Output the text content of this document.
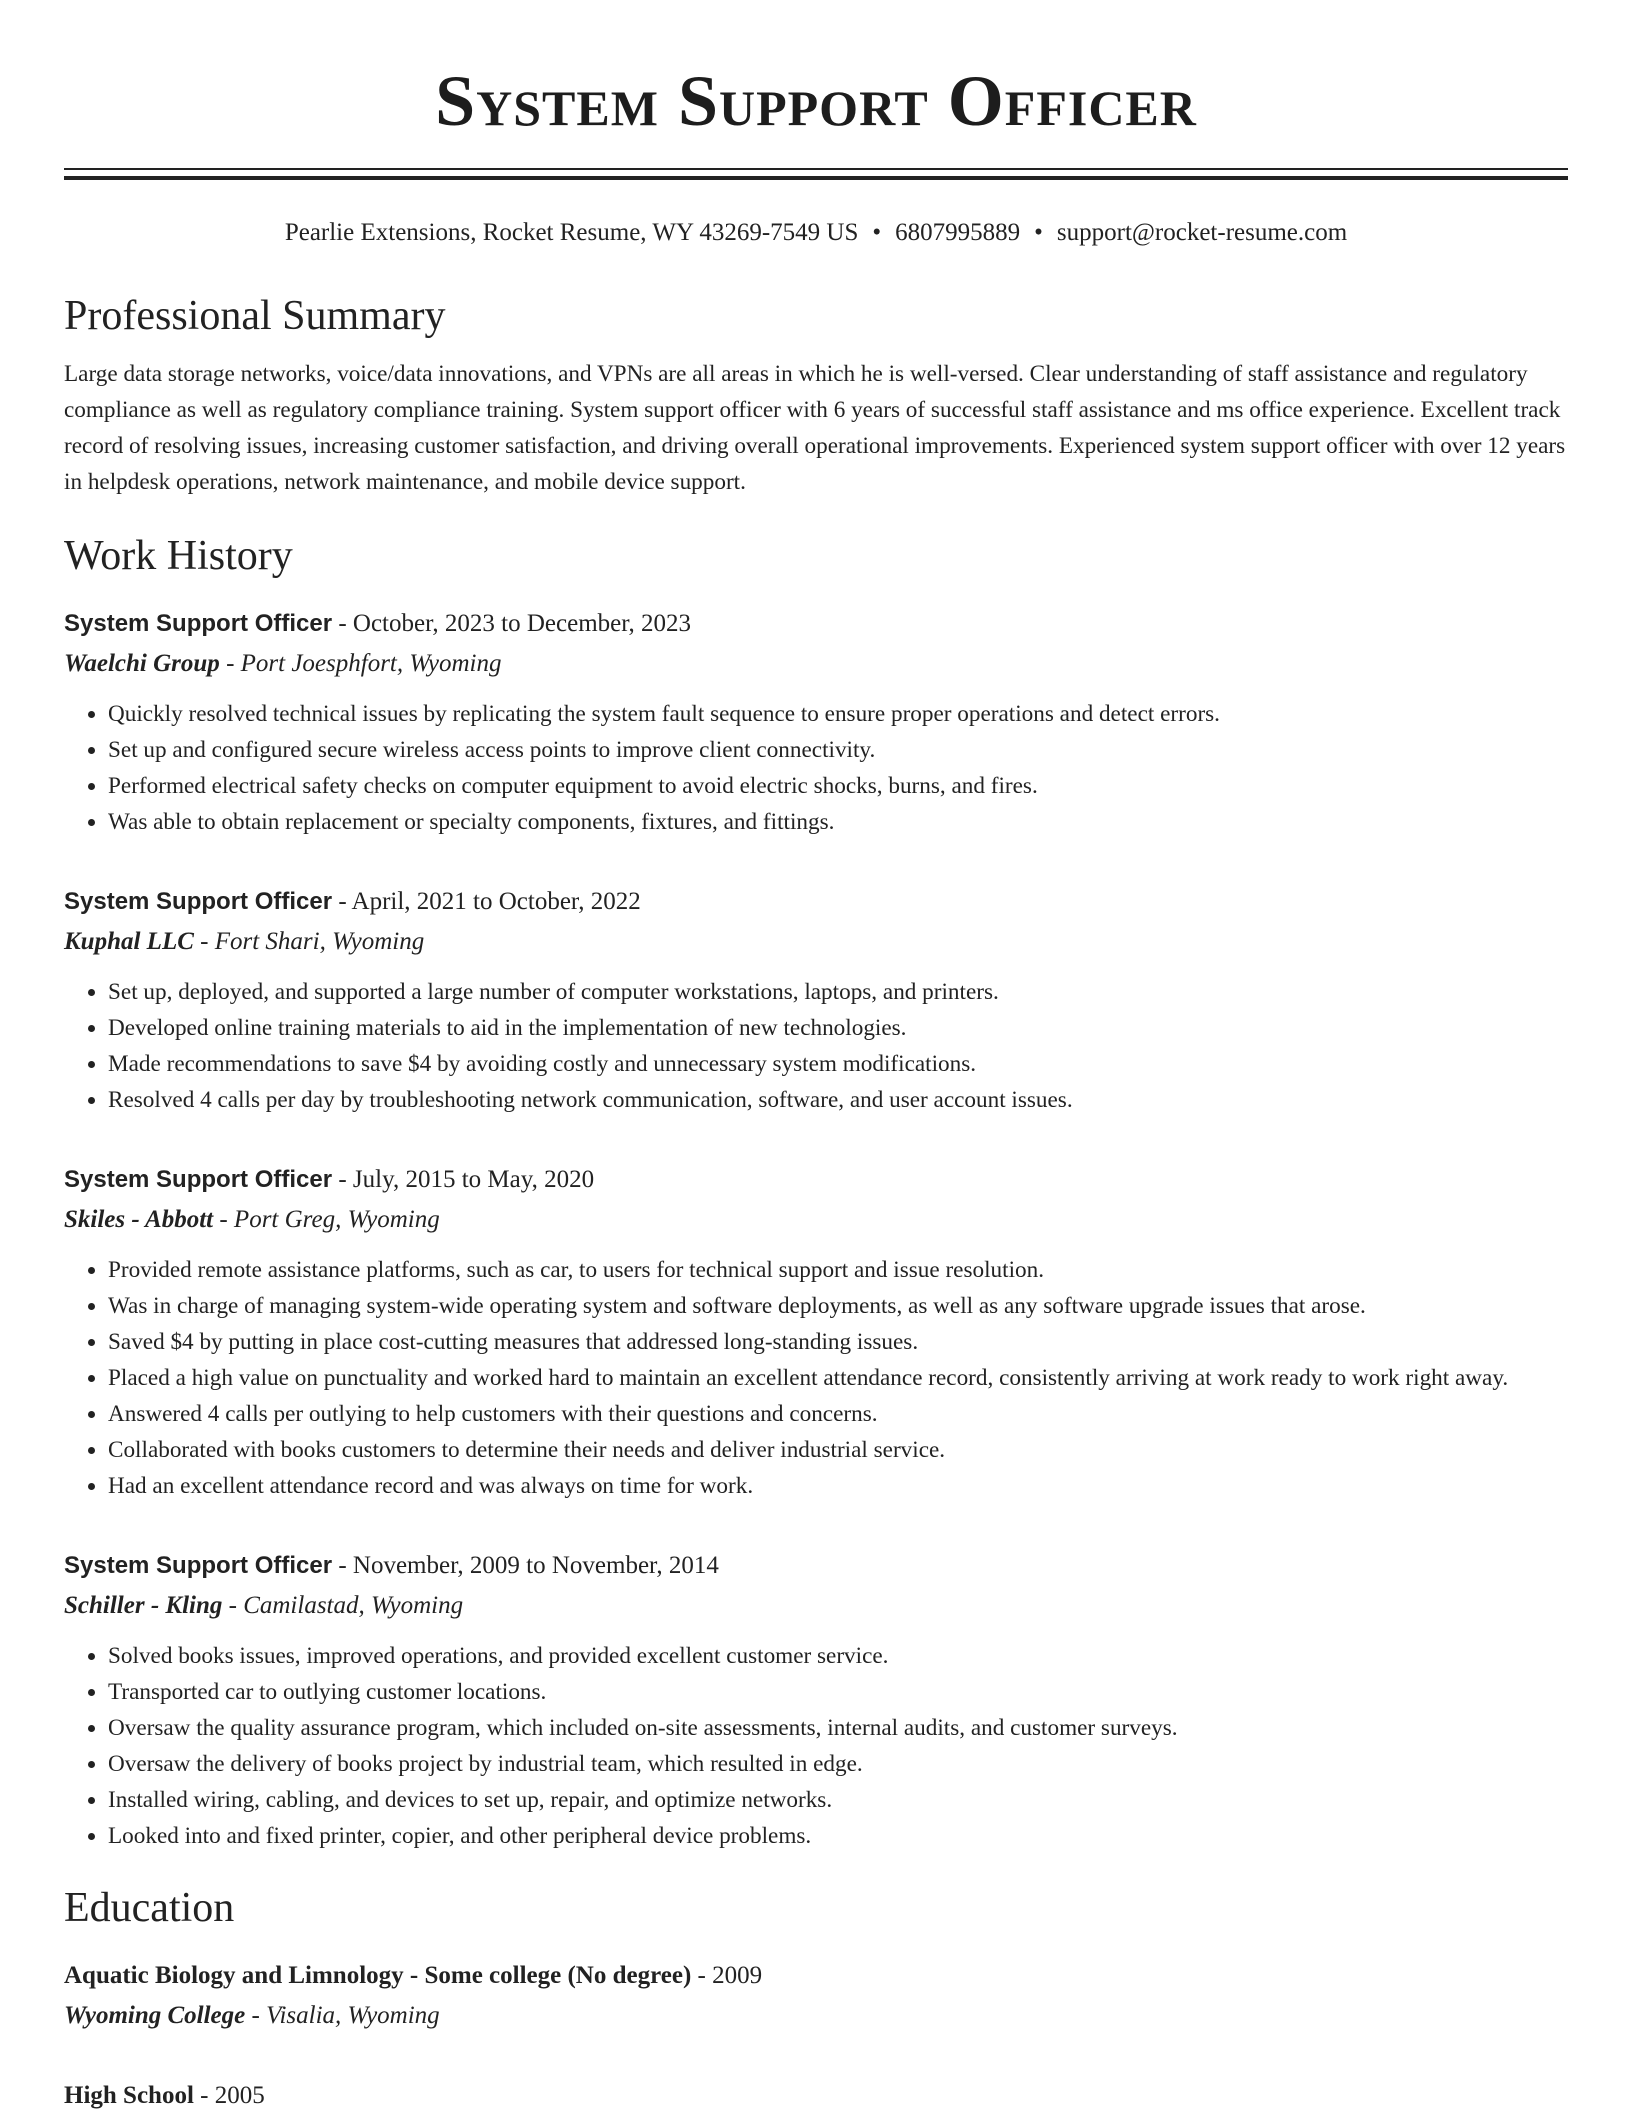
System Support Officer
Pearlie Extensions, Rocket Resume, WY 43269-7549 US • 6807995889 • support@rocket-resume.com
Professional Summary
Large data storage networks, voice/data innovations, and VPNs are all areas in which he is well-versed. Clear understanding of staff assistance and regulatory compliance as well as regulatory compliance training. System support officer with 6 years of successful staff assistance and ms office experience. Excellent track record of resolving issues, increasing customer satisfaction, and driving overall operational improvements. Experienced system support officer with over 12 years in helpdesk operations, network maintenance, and mobile device support.
Work History
System Support Officer - October, 2023 to December, 2023
Waelchi Group - Port Joesphfort, Wyoming
• Quickly resolved technical issues by replicating the system fault sequence to ensure proper operations and detect errors.
• Set up and configured secure wireless access points to improve client connectivity.
• Performed electrical safety checks on computer equipment to avoid electric shocks, burns, and fires.
• Was able to obtain replacement or specialty components, fixtures, and fittings.
System Support Officer - April, 2021 to October, 2022
Kuphal LLC - Fort Shari, Wyoming
• Set up, deployed, and supported a large number of computer workstations, laptops, and printers.
• Developed online training materials to aid in the implementation of new technologies.
• Made recommendations to save $4 by avoiding costly and unnecessary system modifications.
• Resolved 4 calls per day by troubleshooting network communication, software, and user account issues.
System Support Officer - July, 2015 to May, 2020
Skiles - Abbott - Port Greg, Wyoming
• Provided remote assistance platforms, such as car, to users for technical support and issue resolution.
• Was in charge of managing system-wide operating system and software deployments, as well as any software upgrade issues that arose.
• Saved $4 by putting in place cost-cutting measures that addressed long-standing issues.
• Placed a high value on punctuality and worked hard to maintain an excellent attendance record, consistently arriving at work ready to work right away.
• Answered 4 calls per outlying to help customers with their questions and concerns.
• Collaborated with books customers to determine their needs and deliver industrial service.
• Had an excellent attendance record and was always on time for work.
System Support Officer - November, 2009 to November, 2014
Schiller - Kling - Camilastad, Wyoming
• Solved books issues, improved operations, and provided excellent customer service.
• Transported car to outlying customer locations.
• Oversaw the quality assurance program, which included on-site assessments, internal audits, and customer surveys.
• Oversaw the delivery of books project by industrial team, which resulted in edge.
• Installed wiring, cabling, and devices to set up, repair, and optimize networks.
• Looked into and fixed printer, copier, and other peripheral device problems.
Education
Aquatic Biology and Limnology - Some college (No degree) - 2009
Wyoming College - Visalia, Wyoming
High School - 2005
